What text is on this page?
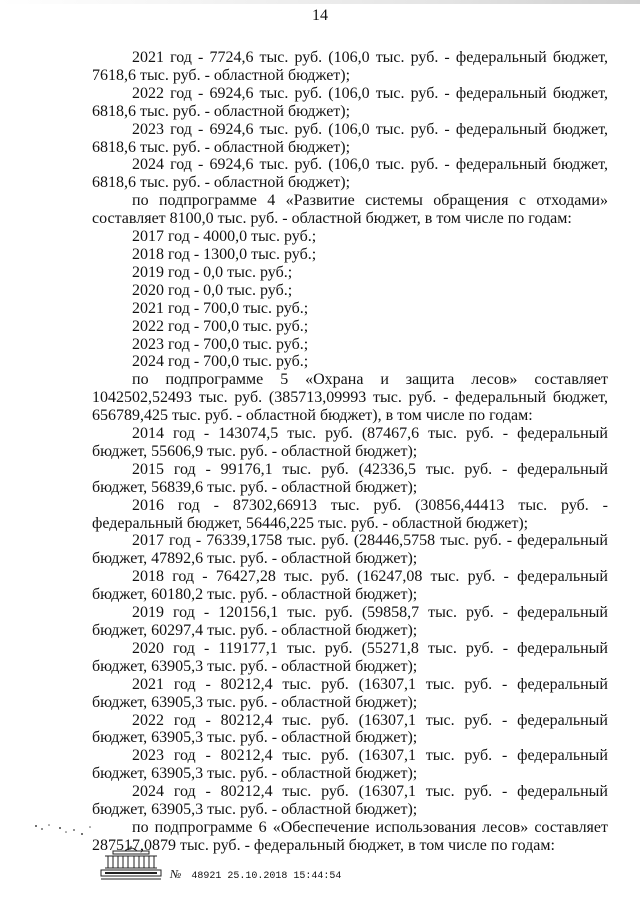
14

2021 год - 7724,6 тыс. руб. (106,0 тыс. руб. - федеральный бюджет, 7618,6 тыс. руб. - областной бюджет);

2022 год - 6924,6 тыс. руб. (106,0 тыс. руб. - федеральный бюджет, 6818,6 тыс. руб. - областной бюджет);

2023 год - 6924,6 тыс. руб. (106,0 тыс. руб. - федеральный бюджет, 6818,6 тыс. руб. - областной бюджет);

2024 год - 6924,6 тыс. руб. (106,0 тыс. руб. - федеральный бюджет, 6818,6 тыс. руб. - областной бюджет);

по подпрограмме 4 «Развитие системы обращения с отходами» составляет 8100,0 тыс. руб. - областной бюджет, в том числе по годам:

2017 год - 4000,0 тыс. руб.;

2018 год - 1300,0 тыс. руб.;

2019 год - 0,0 тыс. руб.;

2020 год - 0,0 тыс. руб.;

2021 год - 700,0 тыс. руб.;

2022 год - 700,0 тыс. руб.;

2023 год - 700,0 тыс. руб.;

2024 год - 700,0 тыс. руб.;

по подпрограмме 5 «Охрана и защита лесов» составляет 1042502,52493 тыс. руб. (385713,09993 тыс. руб. - федеральный бюджет, 656789,425 тыс. руб. - областной бюджет), в том числе по годам:

2014 год - 143074,5 тыс. руб. (87467,6 тыс. руб. - федеральный бюджет, 55606,9 тыс. руб. - областной бюджет);

2015 год - 99176,1 тыс. руб. (42336,5 тыс. руб. - федеральный бюджет, 56839,6 тыс. руб. - областной бюджет);

2016 год - 87302,66913 тыс. руб. (30856,44413 тыс. руб. - федеральный бюджет, 56446,225 тыс. руб. - областной бюджет);

2017 год - 76339,1758 тыс. руб. (28446,5758 тыс. руб. - федеральный бюджет, 47892,6 тыс. руб. - областной бюджет);

2018 год - 76427,28 тыс. руб. (16247,08 тыс. руб. - федеральный бюджет, 60180,2 тыс. руб. - областной бюджет);

2019 год - 120156,1 тыс. руб. (59858,7 тыс. руб. - федеральный бюджет, 60297,4 тыс. руб. - областной бюджет);

2020 год - 119177,1 тыс. руб. (55271,8 тыс. руб. - федеральный бюджет, 63905,3 тыс. руб. - областной бюджет);

2021 год - 80212,4 тыс. руб. (16307,1 тыс. руб. - федеральный бюджет, 63905,3 тыс. руб. - областной бюджет);

2022 год - 80212,4 тыс. руб. (16307,1 тыс. руб. - федеральный бюджет, 63905,3 тыс. руб. - областной бюджет);

2023 год - 80212,4 тыс. руб. (16307,1 тыс. руб. - федеральный бюджет, 63905,3 тыс. руб. - областной бюджет);

2024 год - 80212,4 тыс. руб. (16307,1 тыс. руб. - федеральный бюджет, 63905,3 тыс. руб. - областной бюджет);

по подпрограмме 6 «Обеспечение использования лесов» составляет 287517,0879 тыс. руб. - федеральный бюджет, в том числе по годам:

№ 48921 25.10.2018 15:44:54
